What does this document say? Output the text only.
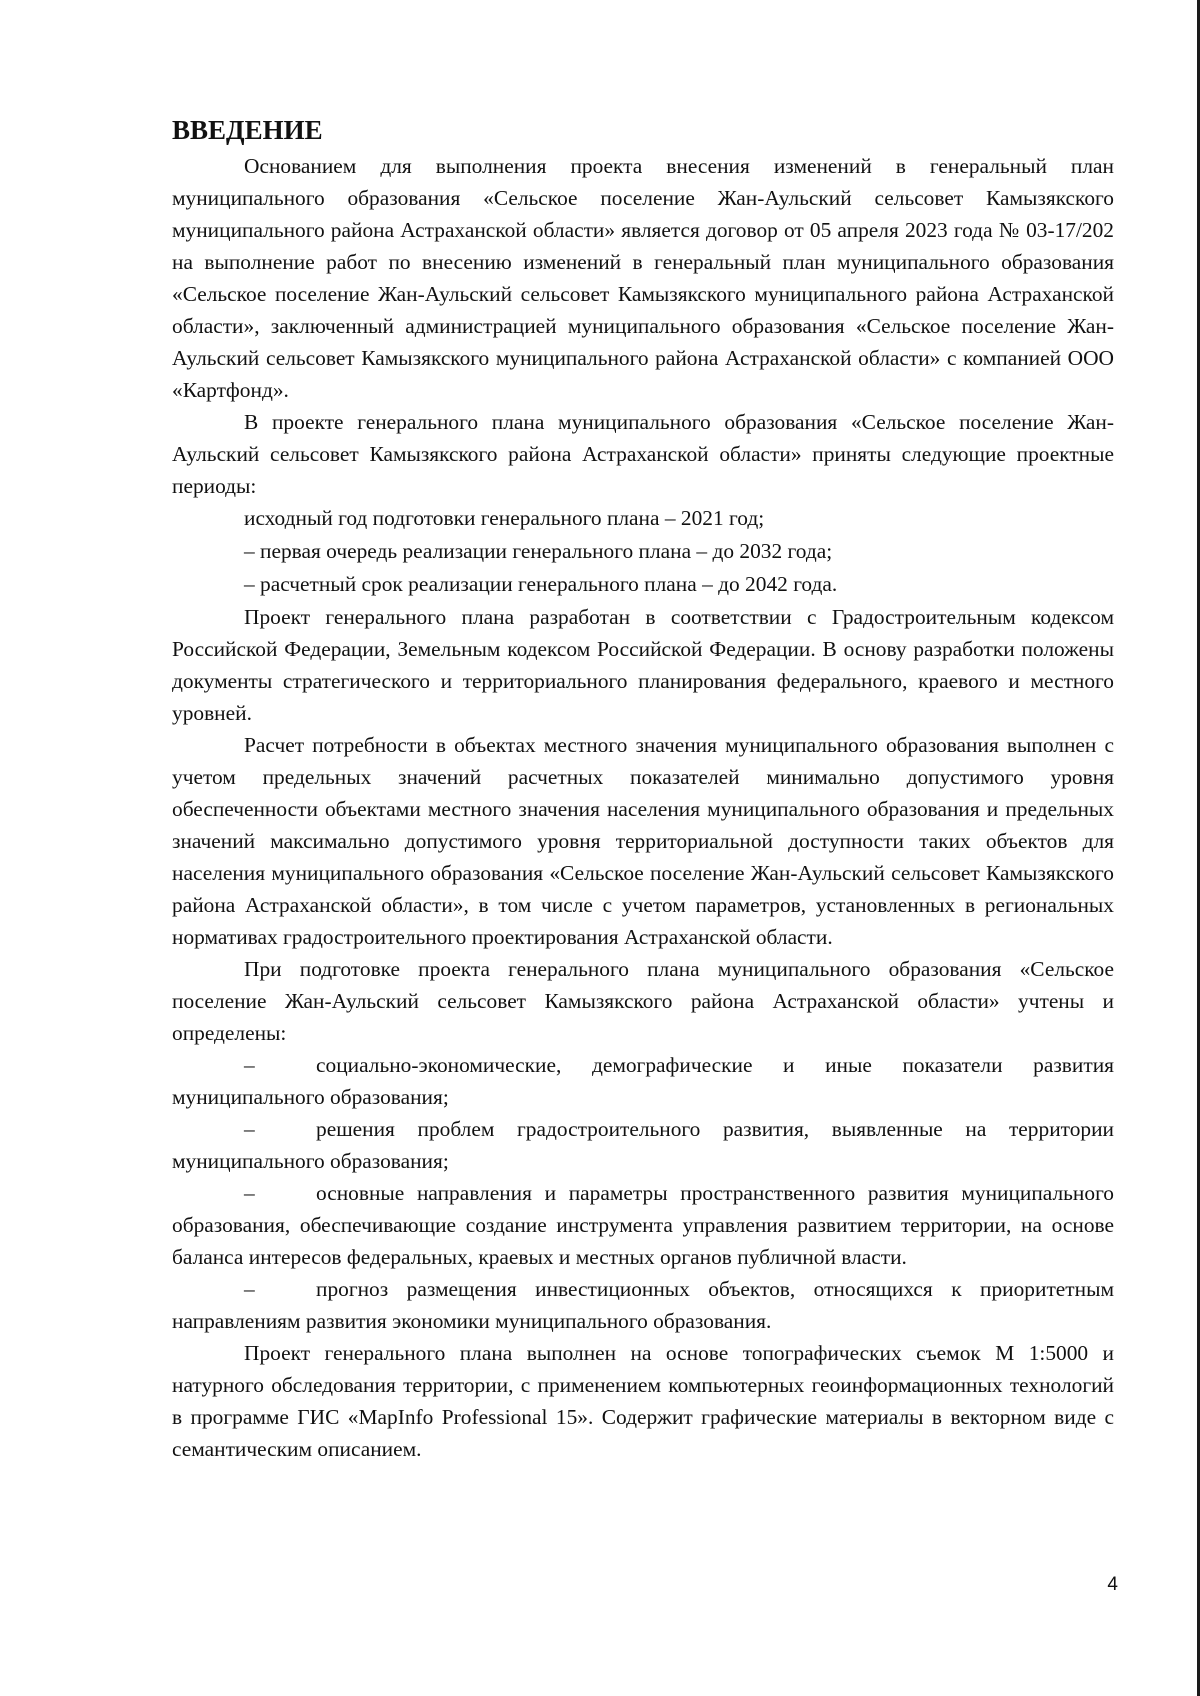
ВВЕДЕНИЕ

Основанием для выполнения проекта внесения изменений в генеральный план муниципального образования «Сельское поселение Жан-Аульский сельсовет Камызякского муниципального района Астраханской области» является договор от 05 апреля 2023 года № 03-17/202 на выполнение работ по внесению изменений в генеральный план муниципального образования «Сельское поселение Жан-Аульский сельсовет Камызякского муниципального района Астраханской области», заключенный администрацией муниципального образования «Сельское поселение Жан-Аульский сельсовет Камызякского муниципального района Астраханской области» с компанией ООО «Картфонд».

В проекте генерального плана муниципального образования «Сельское поселение Жан-Аульский сельсовет Камызякского района Астраханской области» приняты следующие проектные периоды:

исходный год подготовки генерального плана – 2021 год;

– первая очередь реализации генерального плана – до 2032 года;

– расчетный срок реализации генерального плана – до 2042 года.

Проект генерального плана разработан в соответствии с Градостроительным кодексом Российской Федерации, Земельным кодексом Российской Федерации. В основу разработки положены документы стратегического и территориального планирования федерального, краевого и местного уровней.

Расчет потребности в объектах местного значения муниципального образования выполнен с учетом предельных значений расчетных показателей минимально допустимого уровня обеспеченности объектами местного значения населения муниципального образования и предельных значений максимально допустимого уровня территориальной доступности таких объектов для населения муниципального образования «Сельское поселение Жан-Аульский сельсовет Камызякского района Астраханской области», в том числе с учетом параметров, установленных в региональных нормативах градостроительного проектирования Астраханской области.

При подготовке проекта генерального плана муниципального образования «Сельское поселение Жан-Аульский сельсовет Камызякского района Астраханской области» учтены и определены:

–	социально-экономические, демографические и иные показатели развития муниципального образования;

–	решения проблем градостроительного развития, выявленные на территории муниципального образования;

–	основные направления и параметры пространственного развития муниципального образования, обеспечивающие создание инструмента управления развитием территории, на основе баланса интересов федеральных, краевых и местных органов публичной власти.

–	прогноз размещения инвестиционных объектов, относящихся к приоритетным направлениям развития экономики муниципального образования.

Проект генерального плана выполнен на основе топографических съемок М 1:5000 и натурного обследования территории, с применением компьютерных геоинформационных технологий в программе ГИС «MapInfo Professional 15». Содержит графические материалы в векторном виде с семантическим описанием.

4
